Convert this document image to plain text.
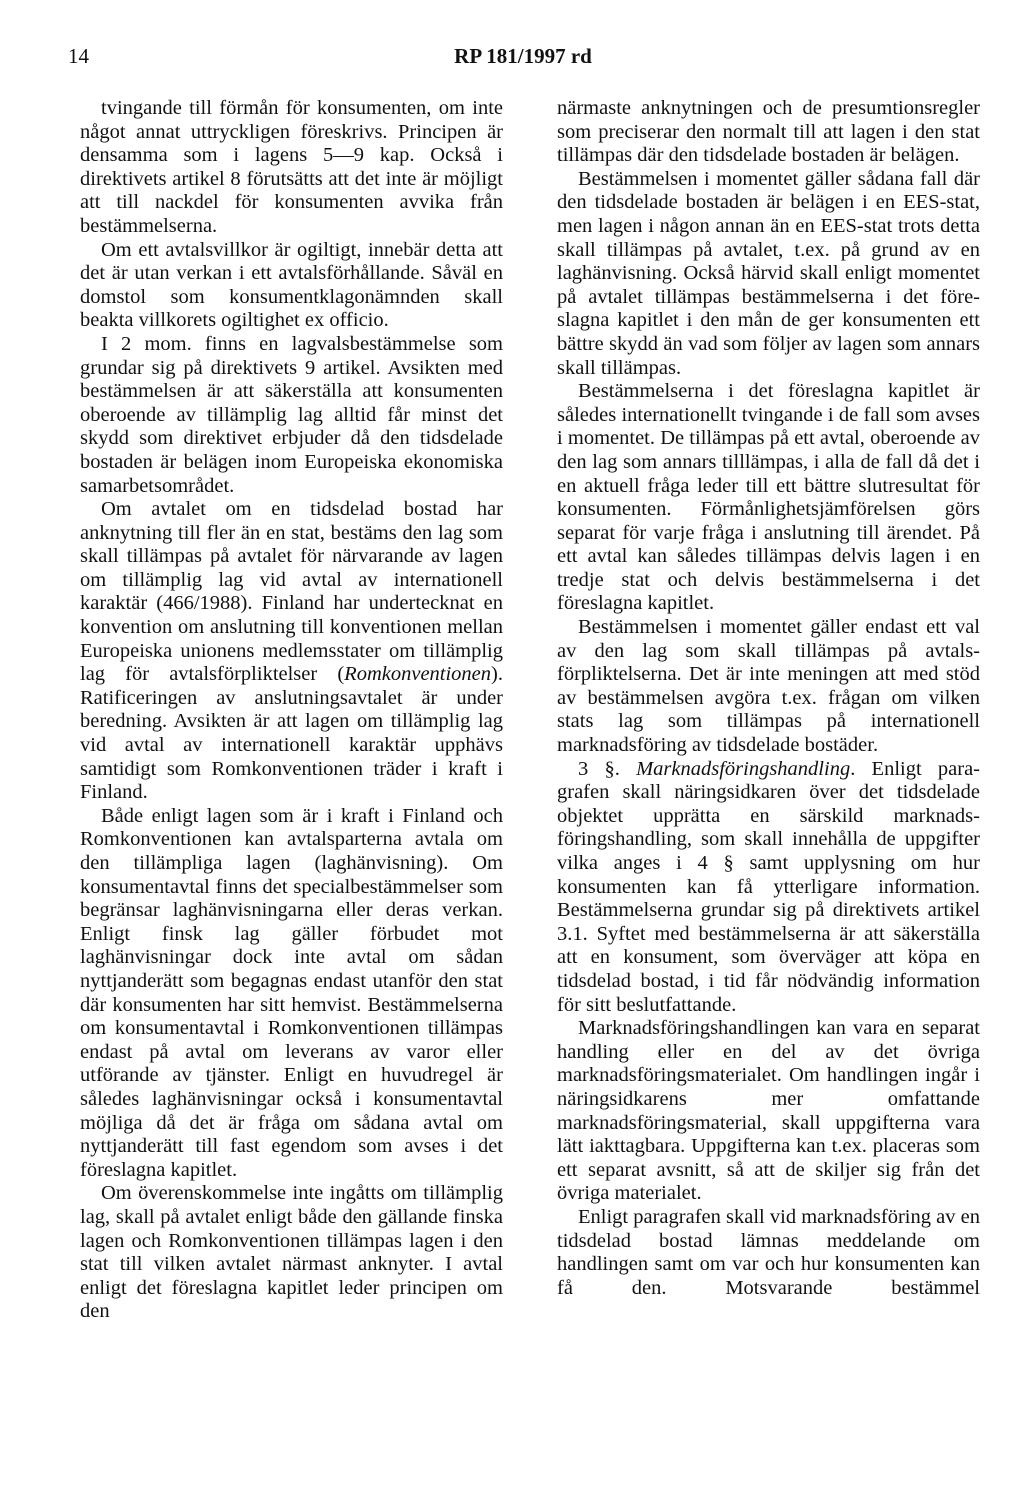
14	RP 181/1997 rd

tvingande till förmån för konsumenten, om inte något annat uttryckligen föreskrivs. Principen är densamma som i lagens 5—9 kap. Också i direktivets artikel 8 förutsätts att det inte är möjligt att till nackdel för konsumenten avvika från bestämmelserna.

Om ett avtalsvillkor är ogiltigt, innebär detta att det är utan verkan i ett avtalsförhållande. Såväl en domstol som konsumentklagonämnden skall beakta villkorets ogiltighet ex officio.

I 2 mom. finns en lagvalsbestämmelse som grundar sig på direktivets 9 artikel. Avsikten med bestämmelsen är att säkerställa att konsumenten oberoende av tillämplig lag alltid får minst det skydd som direktivet erbjuder då den tidsdelade bostaden är belägen inom Europeiska ekonomiska samarbetsområdet.

Om avtalet om en tidsdelad bostad har anknytning till fler än en stat, bestäms den lag som skall tillämpas på avtalet för närvarande av lagen om tillämplig lag vid avtal av internationell karaktär (466/1988). Finland har undertecknat en konvention om anslutning till konventionen mellan Europeiska unionens medlemsstater om tillämplig lag för avtalsförpliktelser (Romkonventionen). Ratificeringen av anslutningsavtalet är under beredning. Avsikten är att lagen om tillämplig lag vid avtal av internationell karaktär upphävs samtidigt som Romkonventionen träder i kraft i Finland.

Både enligt lagen som är i kraft i Finland och Romkonventionen kan avtalsparterna avtala om den tillämpliga lagen (laghänvisning). Om konsumentavtal finns det specialbestämmelser som begränsar laghänvisningarna eller deras verkan. Enligt finsk lag gäller förbudet mot laghänvisningar dock inte avtal om sådan nyttjanderätt som begagnas endast utanför den stat där konsumenten har sitt hemvist. Bestämmelserna om konsumentavtal i Romkonventionen tillämpas endast på avtal om leverans av varor eller utförande av tjänster. Enligt en huvudregel är således laghänvisningar också i konsumentavtal möjliga då det är fråga om sådana avtal om nyttjanderätt till fast egendom som avses i det föreslagna kapitlet.

Om överenskommelse inte ingåtts om tillämplig lag, skall på avtalet enligt både den gällande finska lagen och Romkonventionen tillämpas lagen i den stat till vilken avtalet närmast anknyter. I avtal enligt det föreslagna kapitlet leder principen om den

närmaste anknytningen och de presumtionsregler som preciserar den normalt till att lagen i den stat tillämpas där den tidsdelade bostaden är belägen.

Bestämmelsen i momentet gäller sådana fall där den tidsdelade bostaden är belägen i en EES-stat, men lagen i någon annan än en EES-stat trots detta skall tillämpas på avtalet, t.ex. på grund av en laghänvisning. Också härvid skall enligt momentet på avtalet tillämpas bestämmelserna i det föreslagna kapitlet i den mån de ger konsumenten ett bättre skydd än vad som följer av lagen som annars skall tillämpas.

Bestämmelserna i det föreslagna kapitlet är således internationellt tvingande i de fall som avses i momentet. De tillämpas på ett avtal, oberoende av den lag som annars tilllämpas, i alla de fall då det i en aktuell fråga leder till ett bättre slutresultat för konsumenten. Förmånlighetsjämförelsen görs separat för varje fråga i anslutning till ärendet. På ett avtal kan således tillämpas delvis lagen i en tredje stat och delvis bestämmelserna i det föreslagna kapitlet.

Bestämmelsen i momentet gäller endast ett val av den lag som skall tillämpas på avtalsförpliktelserna. Det är inte meningen att med stöd av bestämmelsen avgöra t.ex. frågan om vilken stats lag som tillämpas på internationell marknadsföring av tidsdelade bostäder.

3 §. Marknadsföringshandling. Enligt paragrafen skall näringsidkaren över det tidsdelade objektet upprätta en särskild marknadsföringshandling, som skall innehålla de uppgifter vilka anges i 4 § samt upplysning om hur konsumenten kan få ytterligare information. Bestämmelserna grundar sig på direktivets artikel 3.1. Syftet med bestämmelserna är att säkerställa att en konsument, som överväger att köpa en tidsdelad bostad, i tid får nödvändig information för sitt beslutfattande.

Marknadsföringshandlingen kan vara en separat handling eller en del av det övriga marknadsföringsmaterialet. Om handlingen ingår i näringsidkarens mer omfattande marknadsföringsmaterial, skall uppgifterna vara lätt iakttagbara. Uppgifterna kan t.ex. placeras som ett separat avsnitt, så att de skiljer sig från det övriga materialet.

Enligt paragrafen skall vid marknadsföring av en tidsdelad bostad lämnas meddelande om handlingen samt om var och hur konsumenten kan få den. Motsvarande bestämmel
